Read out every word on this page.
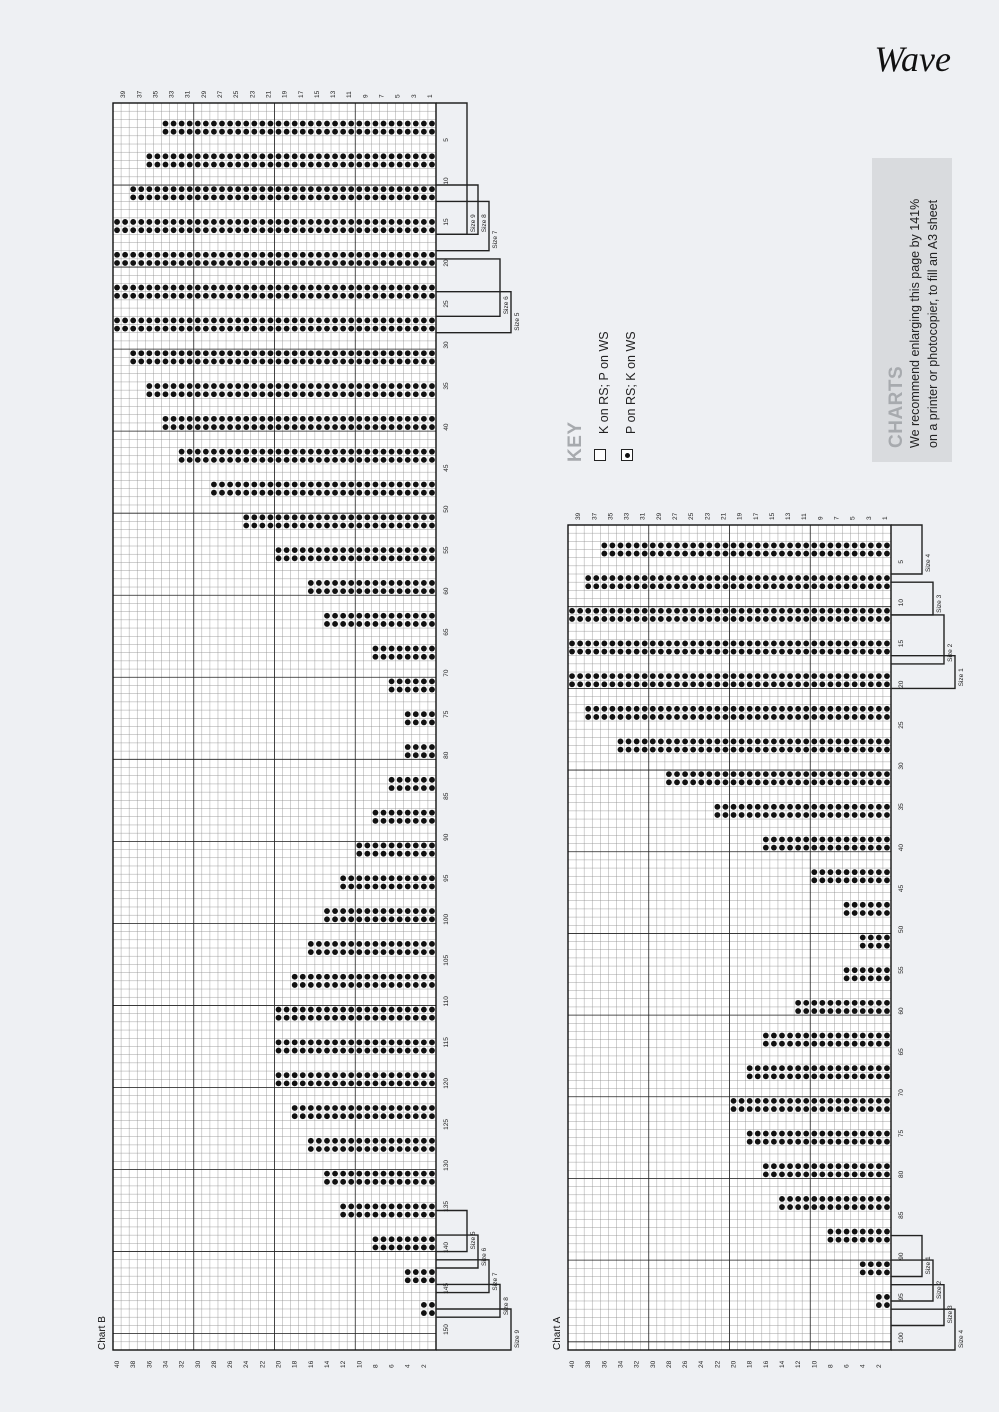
Wave
CHARTS We recommend enlarging this page by 141% on a printer or photocopier, to fill an A3 sheet
KEY
K on RS; P on WS P on RS; K on WS
5
10
15
20
25
30
35
40
45
50
55
60
65
70
75
80
85
90
95
100
105
110
115
120
125
130
135
140
145
150
39 37 35 33 31 29 27 25 23 21 19 17 15 13 11 9 7 5 3 1
40 38 36 34 32 30 28 26 24 22 20 18 16 14 12 10 8 6 4 2
Chart B
Size 9 Size 8
Size 7
Size 6
Size 5
Size 5
Size 6
Size 7
Size 8
Size 9
5
10
15
20
25
30
35
40
45
50
55
60
65
70
75
80
85
90
95
100
39 37 35 33 31 29 27 25 23 21 19 17 15 13 11 9 7 5 3 1
40 38 36 34 32 30 28 26 24 22 20 18 16 14 12 10 8 6 4 2
Chart A
Size 4
Size 3
Size 2
Size 1
Size 1
Size 2
Size 3
Size 4
